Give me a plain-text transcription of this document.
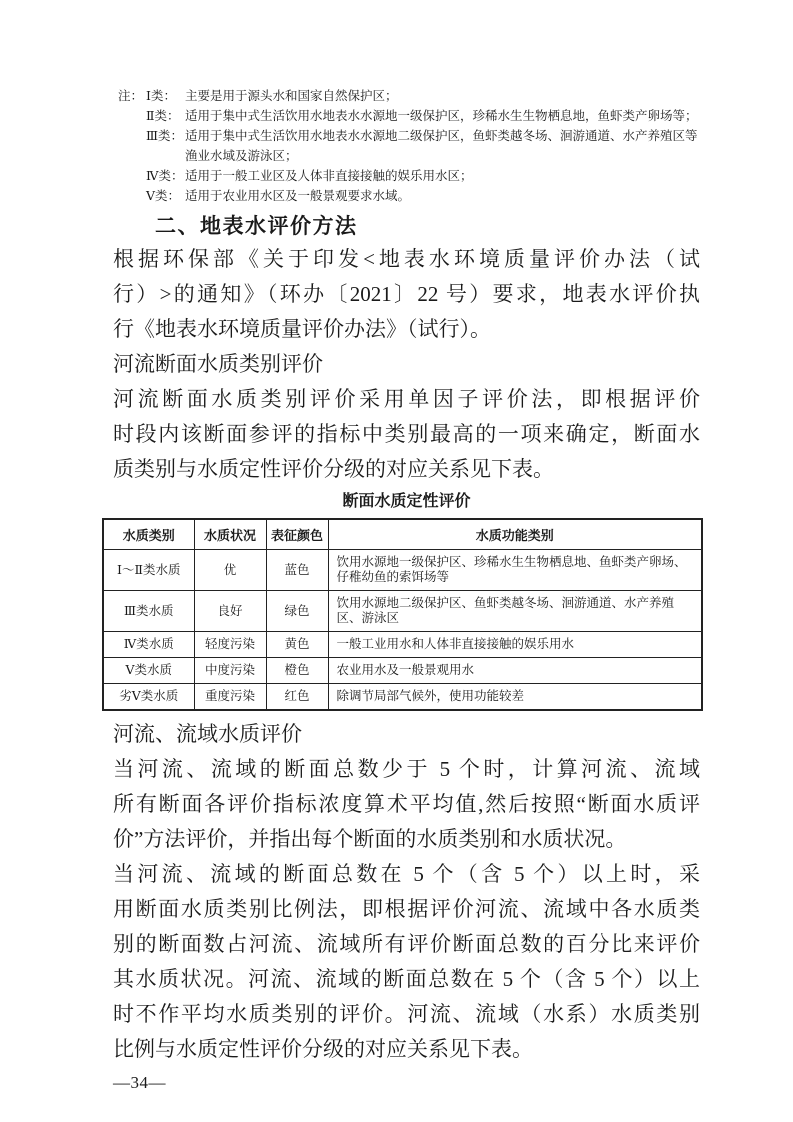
注： Ⅰ类： 主要是用于源头水和国家自然保护区；
Ⅱ类： 适用于集中式生活饮用水地表水水源地一级保护区，珍稀水生生物栖息地，鱼虾类产卵场等；
Ⅲ类： 适用于集中式生活饮用水地表水水源地二级保护区，鱼虾类越冬场、洄游通道、水产养殖区等渔业水域及游泳区；
Ⅳ类： 适用于一般工业区及人体非直接接触的娱乐用水区；
Ⅴ类： 适用于农业用水区及一般景观要求水域。
二、地表水评价方法
根据环保部《关于印发<地表水环境质量评价办法（试
行）>的通知》（环办〔2021〕22 号）要求，地表水评价执
行《地表水环境质量评价办法》（试行）。
河流断面水质类别评价
河流断面水质类别评价采用单因子评价法，即根据评价
时段内该断面参评的指标中类别最高的一项来确定，断面水
质类别与水质定性评价分级的对应关系见下表。
断面水质定性评价
水质类别	水质状况	表征颜色	水质功能类别
Ⅰ～Ⅱ类水质	优	蓝色	饮用水源地一级保护区、珍稀水生生物栖息地、鱼虾类产卵场、仔稚幼鱼的索饵场等
Ⅲ类水质	良好	绿色	饮用水源地二级保护区、鱼虾类越冬场、洄游通道、水产养殖区、游泳区
Ⅳ类水质	轻度污染	黄色	一般工业用水和人体非直接接触的娱乐用水
Ⅴ类水质	中度污染	橙色	农业用水及一般景观用水
劣Ⅴ类水质	重度污染	红色	除调节局部气候外，使用功能较差
河流、流域水质评价
当河流、流域的断面总数少于 5 个时，计算河流、流域
所有断面各评价指标浓度算术平均值,然后按照“断面水质评
价”方法评价，并指出每个断面的水质类别和水质状况。
当河流、流域的断面总数在 5 个（含 5 个）以上时，采
用断面水质类别比例法，即根据评价河流、流域中各水质类
别的断面数占河流、流域所有评价断面总数的百分比来评价
其水质状况。河流、流域的断面总数在 5 个（含 5 个）以上
时不作平均水质类别的评价。河流、流域（水系）水质类别
比例与水质定性评价分级的对应关系见下表。
—34—
